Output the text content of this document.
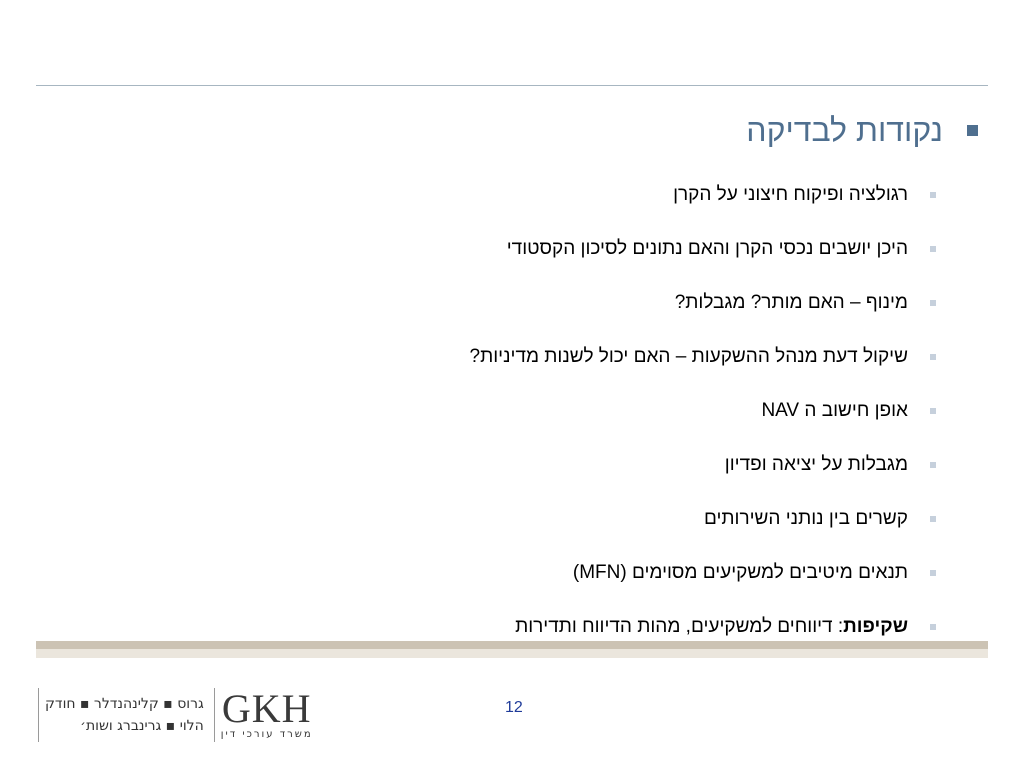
נקודות לבדיקה
רגולציה ופיקוח חיצוני על הקרן
היכן יושבים נכסי הקרן והאם נתונים לסיכון הקסטודי
מינוף – האם מותר? מגבלות?
שיקול דעת מנהל ההשקעות – האם יכול לשנות מדיניות?
אופן חישוב ה NAV
מגבלות על יציאה ופדיון
קשרים בין נותני השירותים
תנאים מיטיבים למשקיעים מסוימים (MFN)
שקיפות: דיווחים למשקיעים, מהות הדיווח ותדירות
גרוס ▪ קלינהנדלר ▪ חודק
הלוי ▪ גרינברג ושות׳ GKH
משרד עורכי דין
12
